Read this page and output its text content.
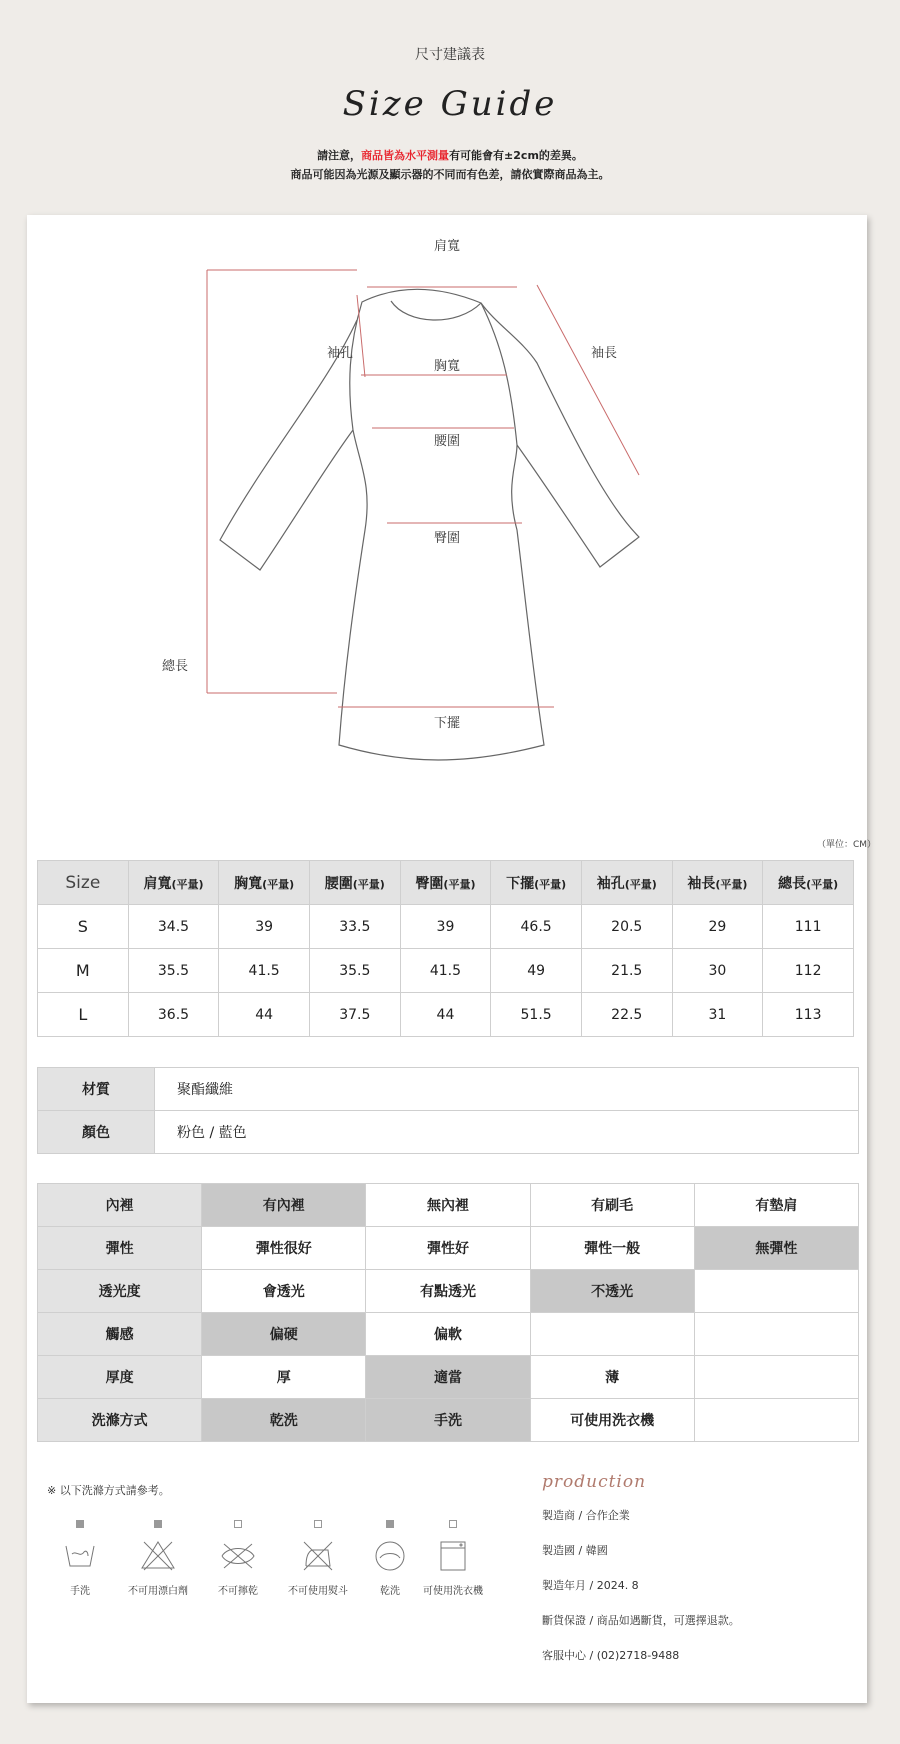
尺寸建議表
Size Guide
請注意，商品皆為水平測量有可能會有±2cm的差異。
商品可能因為光源及顯示器的不同而有色差，請依實際商品為主。
肩寬
袖孔
胸寬
袖長
腰圍
臀圍
總長
下擺
（單位：CM）
Size	肩寬(平量)	胸寬(平量)	腰圍(平量)	臀圍(平量)	下擺(平量)	袖孔(平量)	袖長(平量)	總長(平量)
S	34.5	39	33.5	39	46.5	20.5	29	111
M	35.5	41.5	35.5	41.5	49	21.5	30	112
L	36.5	44	37.5	44	51.5	22.5	31	113
材質	聚酯纖維
顏色	粉色 / 藍色
內裡	有內裡	無內裡	有刷毛	有墊肩
彈性	彈性很好	彈性好	彈性一般	無彈性
透光度	會透光	有點透光	不透光	
觸感	偏硬	偏軟		
厚度	厚	適當	薄	
洗滌方式	乾洗	手洗	可使用洗衣機	
※ 以下洗滌方式請參考。
手洗	不可用漂白劑	不可擰乾	不可使用熨斗	乾洗	可使用洗衣機
production
製造商 / 合作企業
製造國 / 韓國
製造年月 / 2024. 8
斷貨保證 / 商品如遇斷貨，可選擇退款。
客服中心 / (02)2718-9488
